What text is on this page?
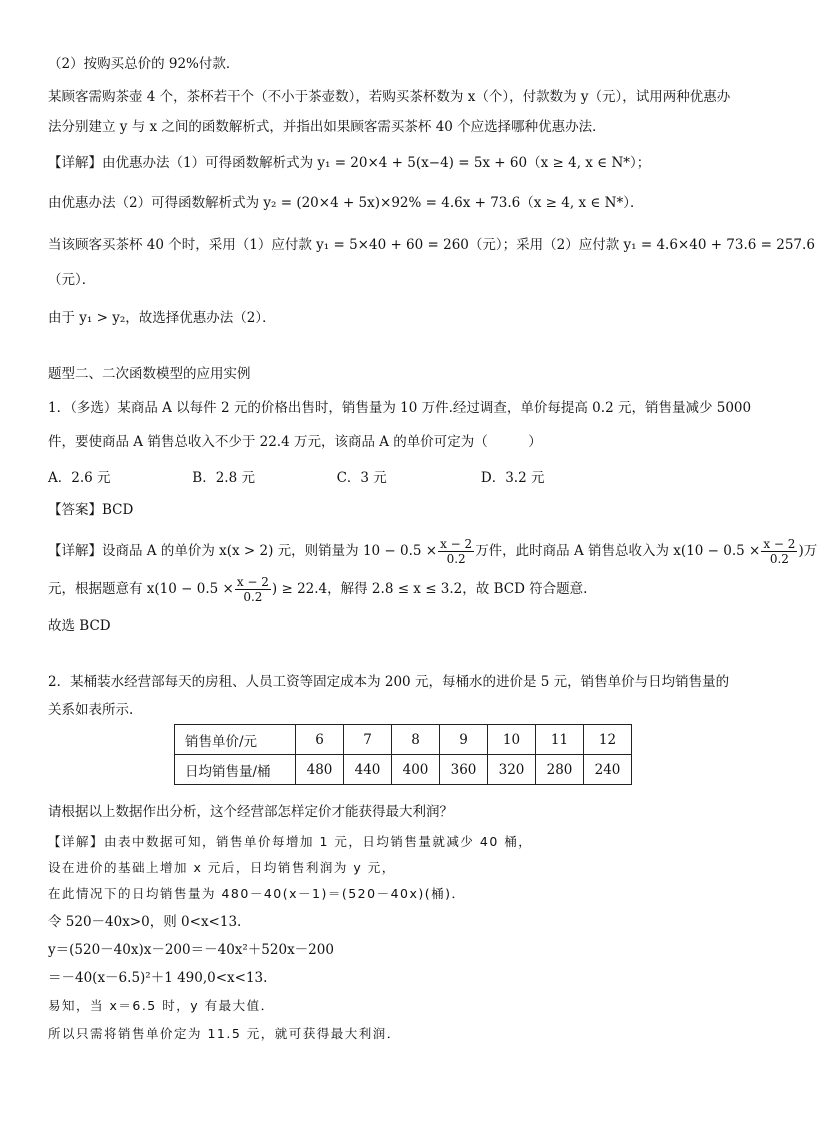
（2）按购买总价的 92%付款．
某顾客需购茶壶 4 个，茶杯若干个（不小于茶壶数），若购买茶杯数为 x（个），付款数为 y（元），试用两种优惠办
法分别建立 y 与 x 之间的函数解析式，并指出如果顾客需买茶杯 40 个应选择哪种优惠办法．
【详解】由优惠办法（1）可得函数解析式为 y₁ = 20×4 + 5(x−4) = 5x + 60（x ≥ 4, x ∈ N*）；
由优惠办法（2）可得函数解析式为 y₂ = (20×4 + 5x)×92% = 4.6x + 73.6（x ≥ 4, x ∈ N*）．
当该顾客买茶杯 40 个时，采用（1）应付款 y₁ = 5×40 + 60 = 260（元）；采用（2）应付款 y₁ = 4.6×40 + 73.6 = 257.6
（元）．
由于 y₁ > y₂，故选择优惠办法（2）．
题型二、二次函数模型的应用实例
1．（多选）某商品 A 以每件 2 元的价格出售时，销售量为 10 万件.经过调查，单价每提高 0.2 元，销售量减少 5000
件，要使商品 A 销售总收入不少于 22.4 万元，该商品 A 的单价可定为（　　　）
A．2.6 元	B．2.8 元	C．3 元	D．3.2 元
【答案】BCD
【详解】设商品 A 的单价为 x(x > 2) 元，则销量为 $10 - 0.5 \times \frac{x - 2}{0.2}$ 万件，此时商品 A 销售总收入为 $x(10 - 0.5 \times \frac{x - 2}{0.2}$ )万
元，根据题意有 $x(10 - 0.5 \times \frac{x - 2}{0.2}$ ) ≥ 22.4，解得 2.8 ≤ x ≤ 3.2，故 BCD 符合题意.
故选 BCD
2．某桶装水经营部每天的房租、人员工资等固定成本为 200 元，每桶水的进价是 5 元，销售单价与日均销售量的
关系如表所示.
销售单价/元	6	7	8	9	10	11	12
日均销售量/桶	480	440	400	360	320	280	240
请根据以上数据作出分析，这个经营部怎样定价才能获得最大利润？
【详解】由表中数据可知，销售单价每增加 1 元，日均销售量就减少 40 桶，
设在进价的基础上增加 x 元后，日均销售利润为 y 元，
在此情况下的日均销售量为 480－40(x－1)＝(520－40x)(桶)．
令 520－40x>0，则 0<x<13.
y＝(520－40x)x－200＝－40x²＋520x－200
＝－40(x－6.5)²＋1 490,0<x<13.
易知，当 x＝6.5 时，y 有最大值．
所以只需将销售单价定为 11.5 元，就可获得最大利润．
